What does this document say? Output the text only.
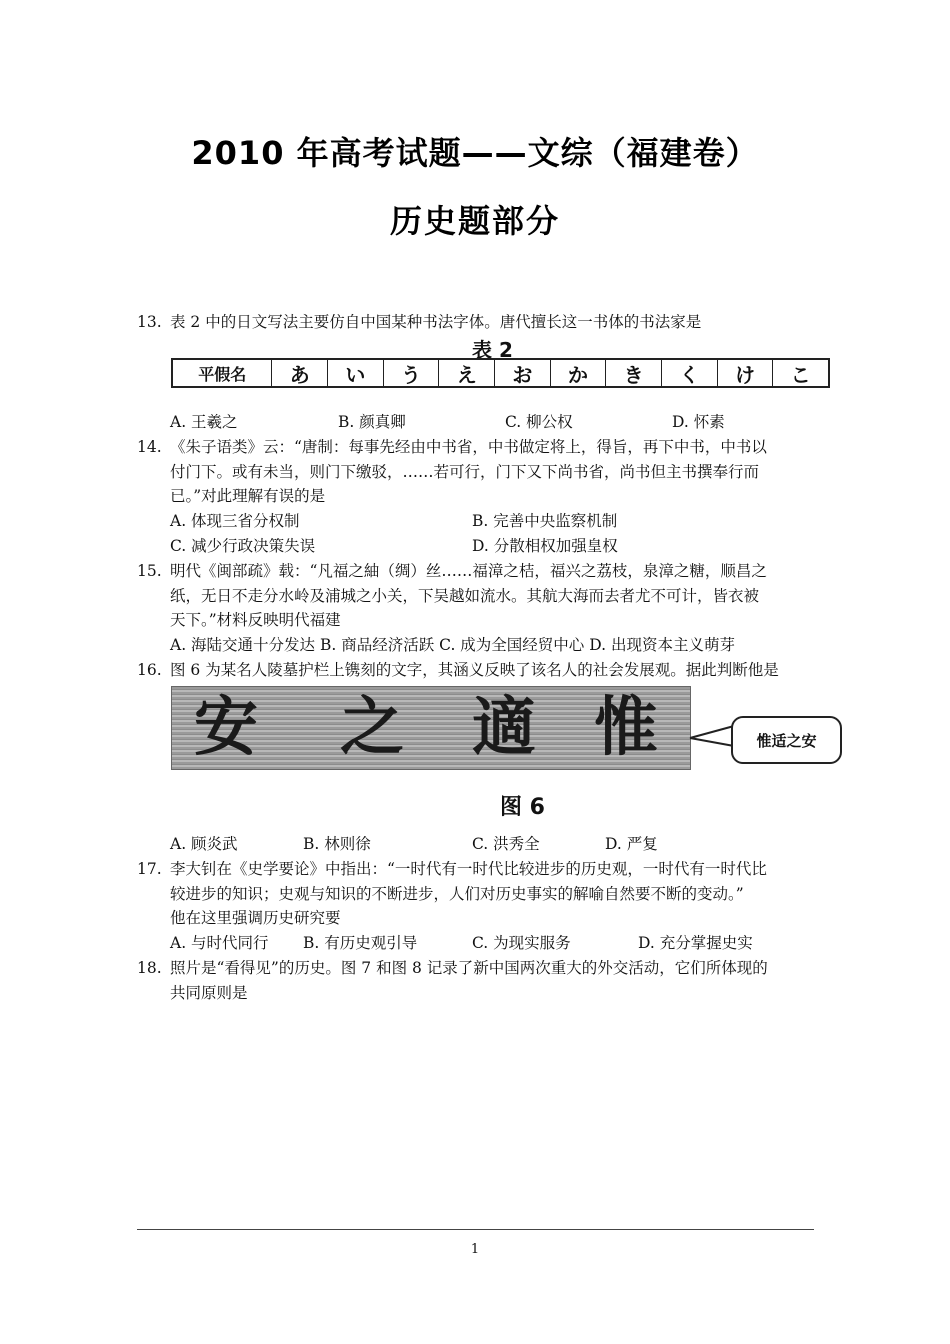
2010 年高考试题——文综（福建卷）
历史题部分
13. 表 2 中的日文写法主要仿自中国某种书法字体。唐代擅长这一书体的书法家是
表 2
平假名	あ	い	う	え	お	か	き	く	け	こ
A. 王羲之	B. 颜真卿	C. 柳公权	D. 怀素
14. 《朱子语类》云：“唐制：每事先经由中书省，中书做定将上，得旨，再下中书，中书以
付门下。或有未当，则门下缴驳，……若可行，门下又下尚书省，尚书但主书撰奉行而
已。”对此理解有误的是
A. 体现三省分权制	B. 完善中央监察机制
C. 减少行政决策失误	D. 分散相权加强皇权
15. 明代《闽部疏》载：“凡福之紬（绸）丝……福漳之桔，福兴之荔枝，泉漳之糖，顺昌之
纸，无日不走分水岭及浦城之小关，下吴越如流水。其航大海而去者尤不可计，皆衣被
天下。”材料反映明代福建
A. 海陆交通十分发达 B. 商品经济活跃 C. 成为全国经贸中心 D. 出现资本主义萌芽
16. 图 6 为某名人陵墓护栏上镌刻的文字，其涵义反映了该名人的社会发展观。据此判断他是
安 之 適 惟	惟适之安
图 6
A. 顾炎武	B. 林则徐	C. 洪秀全	D. 严复
17. 李大钊在《史学要论》中指出：“一时代有一时代比较进步的历史观，一时代有一时代比
较进步的知识；史观与知识的不断进步，人们对历史事实的解喻自然要不断的变动。”
他在这里强调历史研究要
A. 与时代同行 B. 有历史观引导	C. 为现实服务	D. 充分掌握史实
18. 照片是“看得见”的历史。图 7 和图 8 记录了新中国两次重大的外交活动，它们所体现的
共同原则是
1
